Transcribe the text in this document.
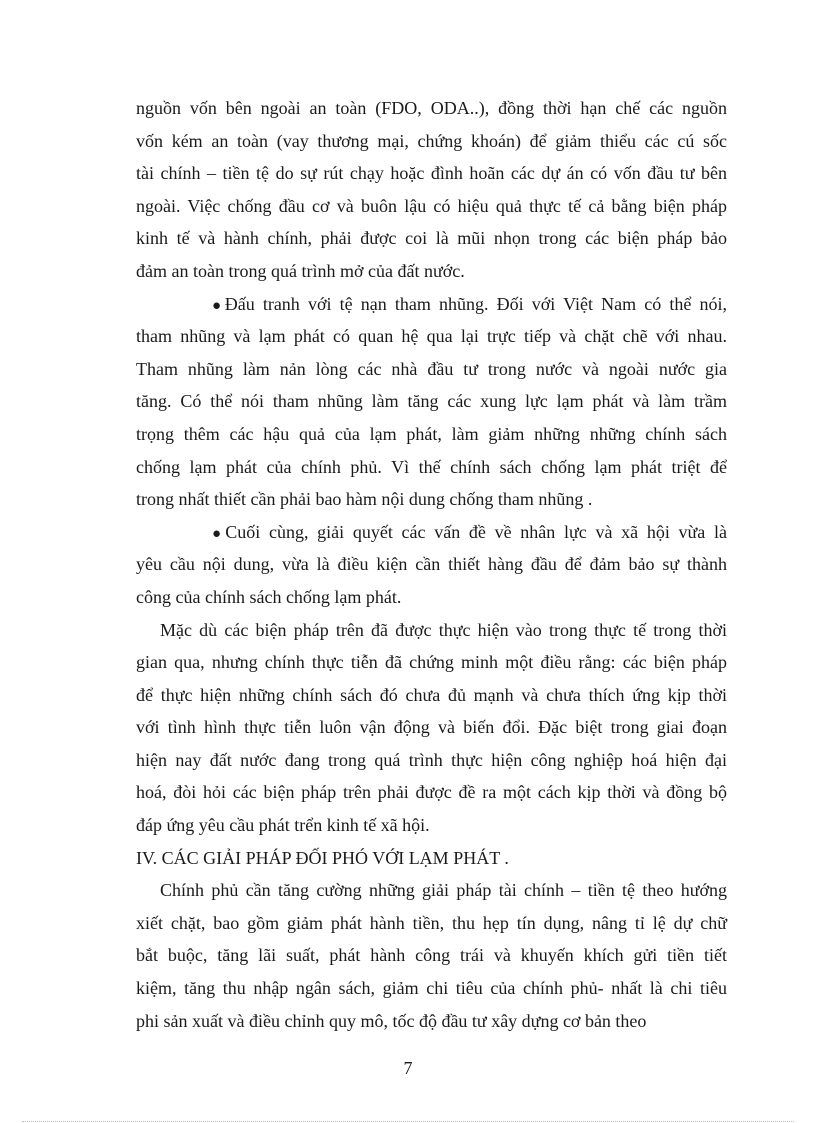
nguồn vốn bên ngoài an toàn (FDO, ODA..), đồng thời hạn chế các nguồn
vốn kém an toàn (vay thương mại, chứng khoán) để giảm thiểu các cú sốc
tài chính – tiền tệ do sự rút chạy hoặc đình hoãn các dự án có vốn đầu tư bên
ngoài. Việc chống đầu cơ và buôn lậu có hiệu quả thực tế cả bằng biện pháp
kinh tế và hành chính, phải được coi là mũi nhọn trong các biện pháp bảo
đảm an toàn trong quá trình mở của đất nước.
●Đấu tranh với tệ nạn tham nhũng. Đối với Việt Nam có thể nói,
tham nhũng và lạm phát có quan hệ qua lại trực tiếp và chặt chẽ với nhau.
Tham nhũng làm nản lòng các nhà đầu tư trong nước và ngoài nước gia
tăng. Có thể nói tham nhũng làm tăng các xung lực lạm phát và làm trầm
trọng thêm các hậu quả của lạm phát, làm giảm những những chính sách
chống lạm phát của chính phủ. Vì thế chính sách chống lạm phát triệt để
trong nhất thiết cần phải bao hàm nội dung chống tham nhũng .
●Cuối cùng, giải quyết các vấn đề về nhân lực và xã hội vừa là
yêu cầu nội dung, vừa là điều kiện cần thiết hàng đầu để đảm bảo sự thành
công của chính sách chống lạm phát.
Mặc dù các biện pháp trên đã được thực hiện vào trong thực tế trong thời
gian qua, nhưng chính thực tiễn đã chứng minh một điều rằng: các biện pháp
để thực hiện những chính sách đó chưa đủ mạnh và chưa thích ứng kịp thời
với tình hình thực tiễn luôn vận động và biến đổi. Đặc biệt trong giai đoạn
hiện nay đất nước đang trong quá trình thực hiện công nghiệp hoá hiện đại
hoá, đòi hỏi các biện pháp trên phải được đề ra một cách kịp thời và đồng bộ
đáp ứng yêu cầu phát trển kinh tế xã hội.
IV. CÁC GIẢI PHÁP ĐỐI PHÓ VỚI LẠM PHÁT .
Chính phủ cần tăng cường những giải pháp tài chính – tiền tệ theo hướng
xiết chặt, bao gồm giảm phát hành tiền, thu hẹp tín dụng, nâng tỉ lệ dự chữ
bắt buộc, tăng lãi suất, phát hành công trái và khuyến khích gửi tiền tiết
kiệm, tăng thu nhập ngân sách, giảm chi tiêu của chính phủ- nhất là chi tiêu
phi sản xuất và điều chỉnh quy mô, tốc độ đầu tư xây dựng cơ bản theo
7
